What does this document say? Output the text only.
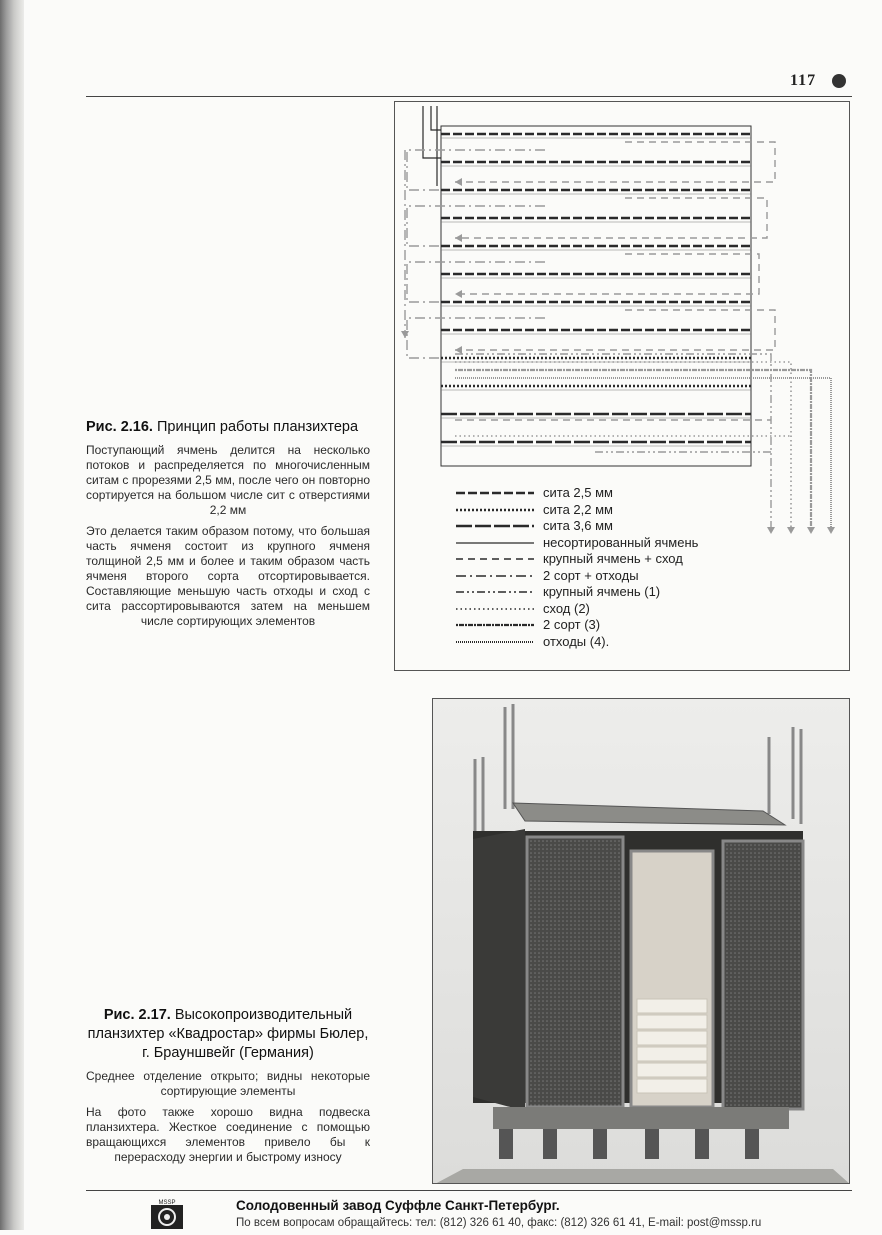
117
Рис. 2.16. Принцип работы планзихтера
Поступающий ячмень делится на несколько потоков и распределяется по многочисленным ситам с прорезями 2,5 мм, после чего он повторно сортируется на большом числе сит с отверстиями 2,2 мм
Это делается таким образом потому, что большая часть ячменя состоит из крупного ячменя толщиной 2,5 мм и более и таким образом часть ячменя второго сорта отсортировывается. Составляющие меньшую часть отходы и сход с сита рассортировываются затем на меньшем числе сортирующих элементов
сита 2,5 мм
сита 2,2 мм
сита 3,6 мм
несортированный ячмень
крупный ячмень + сход
2 сорт + отходы
крупный ячмень (1)
сход (2)
2 сорт (3)
отходы (4).
Рис. 2.17. Высокопроизводительный планзихтер «Квадростар» фирмы Бюлер, г. Брауншвейг (Германия)
Среднее отделение открыто; видны некоторые сортирующие элементы
На фото также хорошо видна подвеска планзихтера. Жесткое соединение с помощью вращающихся элементов привело бы к перерасходу энергии и быстрому износу
MSSP	Солодовенный завод Суффле Санкт-Петербург.
По всем вопросам обращайтесь: тел: (812) 326 61 40, факс: (812) 326 61 41, E-mail: post@mssp.ru
